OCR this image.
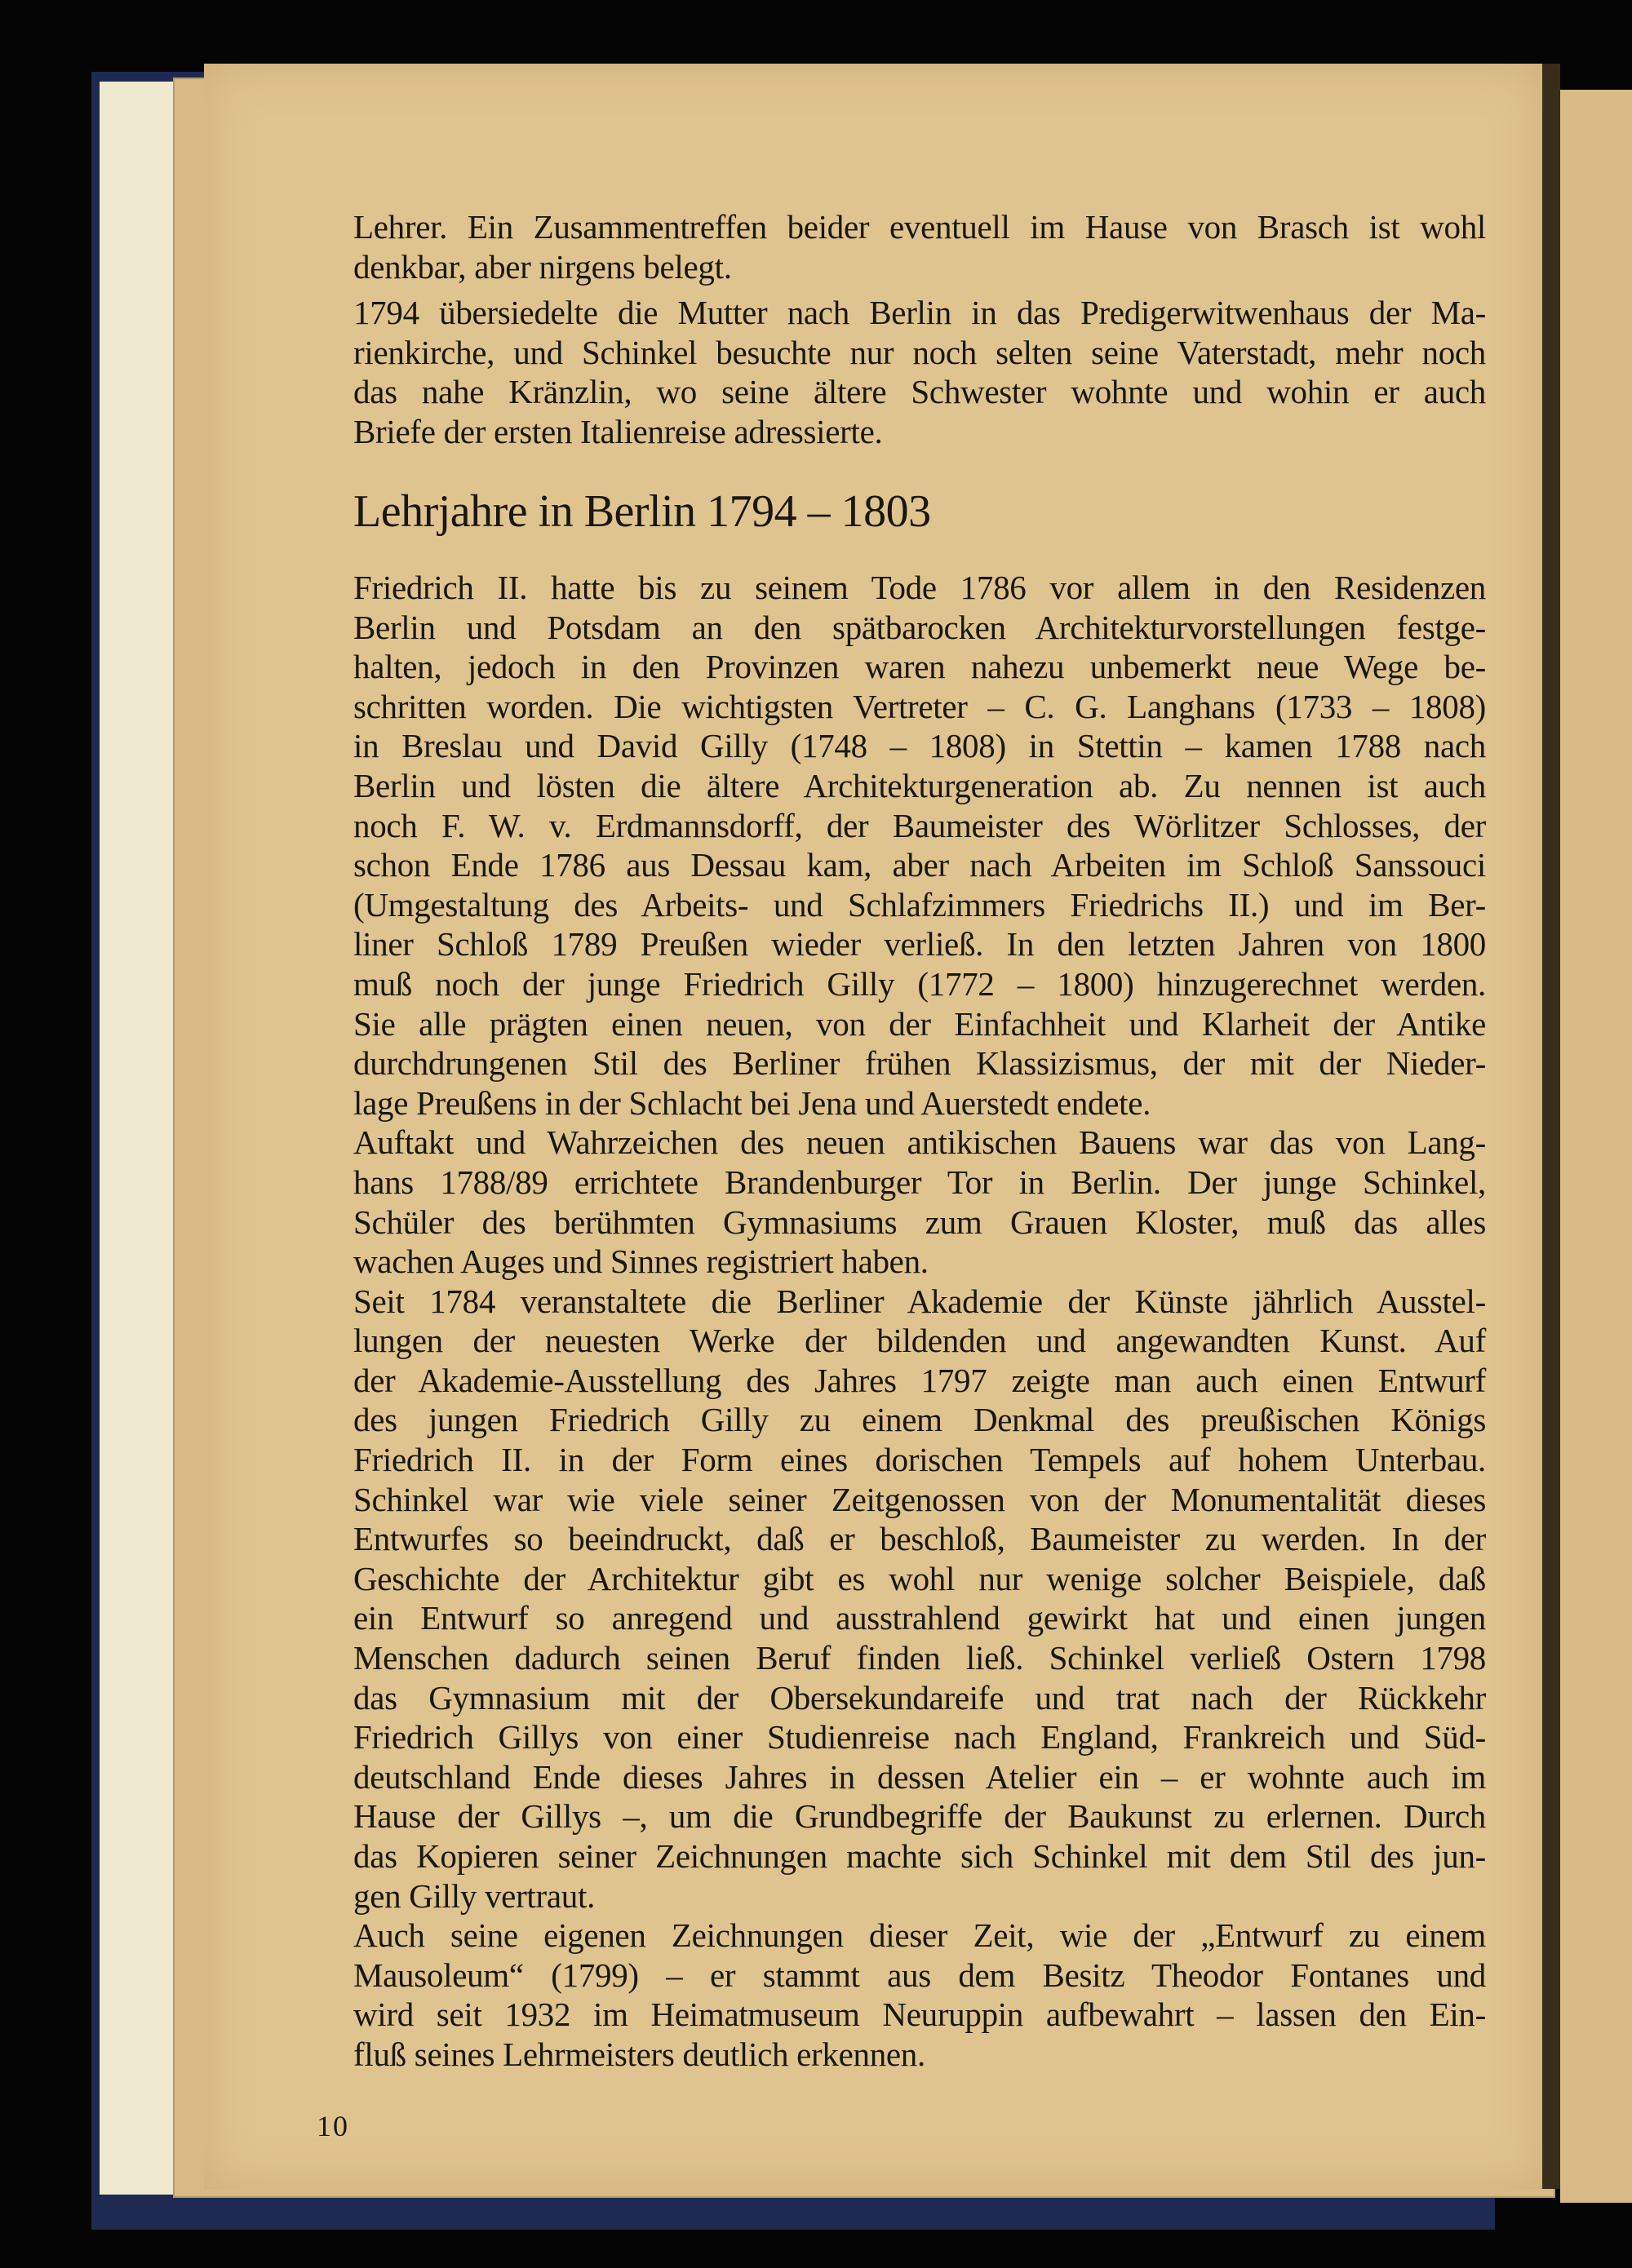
Lehrer. Ein Zusammentreffen beider eventuell im Hause von Brasch ist wohl
denkbar, aber nirgens belegt.
1794 übersiedelte die Mutter nach Berlin in das Predigerwitwenhaus der Ma-
rienkirche, und Schinkel besuchte nur noch selten seine Vaterstadt, mehr noch
das nahe Kränzlin, wo seine ältere Schwester wohnte und wohin er auch
Briefe der ersten Italienreise adressierte.
Lehrjahre in Berlin 1794 – 1803
Friedrich II. hatte bis zu seinem Tode 1786 vor allem in den Residenzen
Berlin und Potsdam an den spätbarocken Architekturvorstellungen festge-
halten, jedoch in den Provinzen waren nahezu unbemerkt neue Wege be-
schritten worden. Die wichtigsten Vertreter – C. G. Langhans (1733 – 1808)
in Breslau und David Gilly (1748 – 1808) in Stettin – kamen 1788 nach
Berlin und lösten die ältere Architekturgeneration ab. Zu nennen ist auch
noch F. W. v. Erdmannsdorff, der Baumeister des Wörlitzer Schlosses, der
schon Ende 1786 aus Dessau kam, aber nach Arbeiten im Schloß Sanssouci
(Umgestaltung des Arbeits- und Schlafzimmers Friedrichs II.) und im Ber-
liner Schloß 1789 Preußen wieder verließ. In den letzten Jahren von 1800
muß noch der junge Friedrich Gilly (1772 – 1800) hinzugerechnet werden.
Sie alle prägten einen neuen, von der Einfachheit und Klarheit der Antike
durchdrungenen Stil des Berliner frühen Klassizismus, der mit der Nieder-
lage Preußens in der Schlacht bei Jena und Auerstedt endete.
Auftakt und Wahrzeichen des neuen antikischen Bauens war das von Lang-
hans 1788/89 errichtete Brandenburger Tor in Berlin. Der junge Schinkel,
Schüler des berühmten Gymnasiums zum Grauen Kloster, muß das alles
wachen Auges und Sinnes registriert haben.
Seit 1784 veranstaltete die Berliner Akademie der Künste jährlich Ausstel-
lungen der neuesten Werke der bildenden und angewandten Kunst. Auf
der Akademie-Ausstellung des Jahres 1797 zeigte man auch einen Entwurf
des jungen Friedrich Gilly zu einem Denkmal des preußischen Königs
Friedrich II. in der Form eines dorischen Tempels auf hohem Unterbau.
Schinkel war wie viele seiner Zeitgenossen von der Monumentalität dieses
Entwurfes so beeindruckt, daß er beschloß, Baumeister zu werden. In der
Geschichte der Architektur gibt es wohl nur wenige solcher Beispiele, daß
ein Entwurf so anregend und ausstrahlend gewirkt hat und einen jungen
Menschen dadurch seinen Beruf finden ließ. Schinkel verließ Ostern 1798
das Gymnasium mit der Obersekundareife und trat nach der Rückkehr
Friedrich Gillys von einer Studienreise nach England, Frankreich und Süd-
deutschland Ende dieses Jahres in dessen Atelier ein – er wohnte auch im
Hause der Gillys –, um die Grundbegriffe der Baukunst zu erlernen. Durch
das Kopieren seiner Zeichnungen machte sich Schinkel mit dem Stil des jun-
gen Gilly vertraut.
Auch seine eigenen Zeichnungen dieser Zeit, wie der „Entwurf zu einem
Mausoleum“ (1799) – er stammt aus dem Besitz Theodor Fontanes und
wird seit 1932 im Heimatmuseum Neuruppin aufbewahrt – lassen den Ein-
fluß seines Lehrmeisters deutlich erkennen.
10
